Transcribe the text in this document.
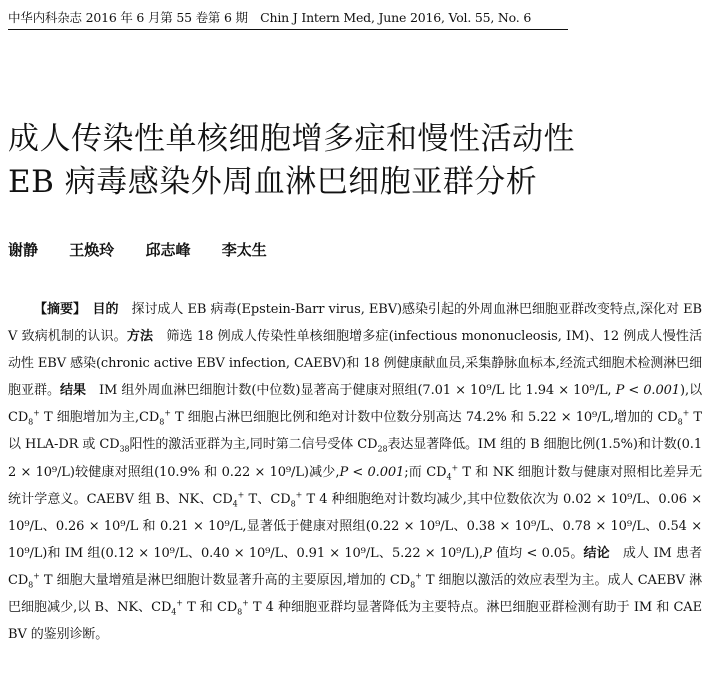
中华内科杂志 2016 年 6 月第 55 卷第 6 期　Chin J Intern Med, June 2016, Vol. 55, No. 6
成人传染性单核细胞增多症和慢性活动性
EB 病毒感染外周血淋巴细胞亚群分析
谢静 王焕玲 邱志峰 李太生

【摘要】　 目的　 探讨成人 EB 病毒(Epstein-Barr virus, EBV)感染引起的外周血淋巴细胞亚群改变特点,深化对 EBV 致病机制的认识。方法　 筛选 18 例成人传染性单核细胞增多症(infectious mononucleosis, IM)、12 例成人慢性活动性 EBV 感染(chronic active EBV infection, CAEBV)和 18 例健康献血员,采集静脉血标本,经流式细胞术检测淋巴细胞亚群。结果　 IM 组外周血淋巴细胞计数(中位数)显著高于健康对照组(7.01 × 10⁹/L 比 1.94 × 10⁹/L, P < 0.001),以 $CD_8^+$ T 细胞增加为主$,CD_8^+$ T 细胞占淋巴细胞比例和绝对计数中位数分别高达 74.2% 和 5.22 × 10⁹/L,增加的 $CD_8^+$ T 以 HLA-DR 或 $CD_{38}$阳性的激活亚群为主,同时第二信号受体 $CD_{28}$表达显著降低。IM 组的 B 细胞比例(1.5%)和计数(0.12 × 10⁹/L)较健康对照组(10.9% 和 0.22 × 10⁹/L)减少,P < 0.001;而 $CD_4^+$ T 和 NK 细胞计数与健康对照相比差异无统计学意义。CAEBV 组 B、NK、$CD_4^+$ T、$CD_8^+$ T 4 种细胞绝对计数均减少,其中位数依次为 0.02 × 10⁹/L、0.06 × 10⁹/L、0.26 × 10⁹/L 和 0.21 × 10⁹/L,显著低于健康对照组(0.22 × 10⁹/L、0.38 × 10⁹/L、0.78 × 10⁹/L、0.54 × 10⁹/L)和 IM 组(0.12 × 10⁹/L、0.40 × 10⁹/L、0.91 × 10⁹/L、5.22 × 10⁹/L),P 值均 < 0.05。结论　 成人 IM 患者 $CD_8^+$ T 细胞大量增殖是淋巴细胞计数显著升高的主要原因,增加的 $CD_8^+$ T 细胞以激活的效应表型为主。成人 CAEBV 淋巴细胞减少,以 B、NK、$CD_4^+$ T 和 $CD_8^+$ T 4 种细胞亚群均显著降低为主要特点。淋巴细胞亚群检测有助于 IM 和 CAEBV 的鉴别诊断。
